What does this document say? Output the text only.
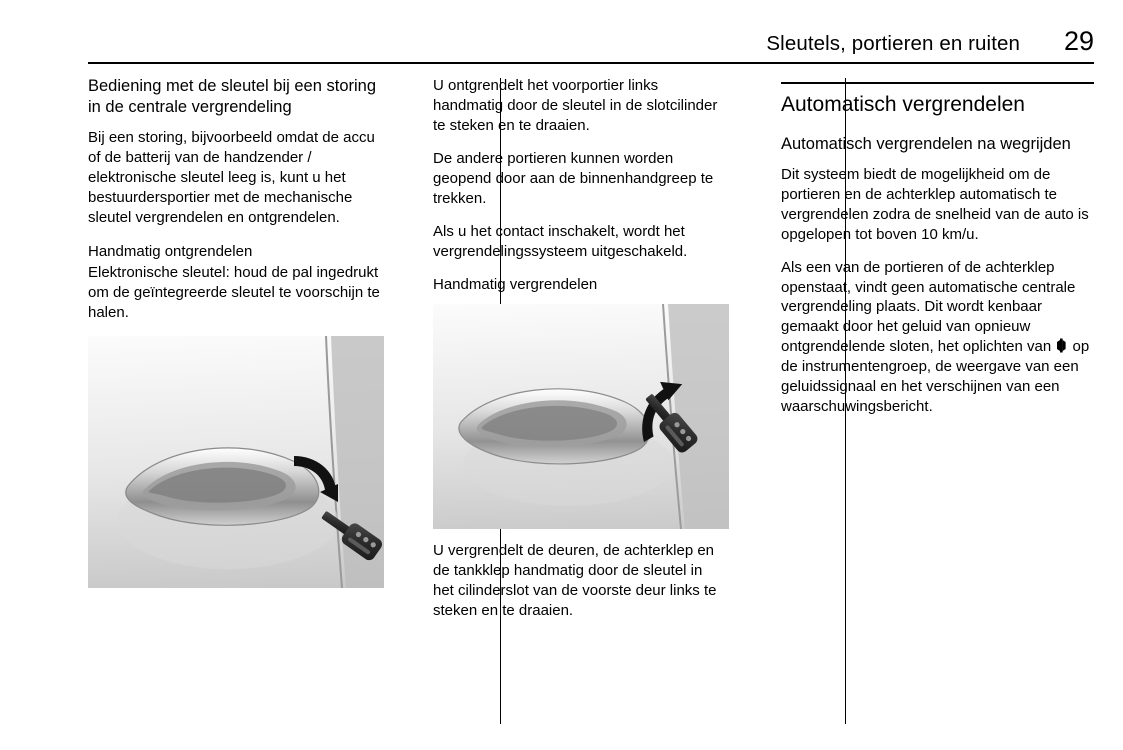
Sleutels, portieren en ruiten	29
Bediening met de sleutel bij een storing in de centrale vergrendeling

Bij een storing, bijvoorbeeld omdat de accu of de batterij van de handzender / elektronische sleutel leeg is, kunt u het bestuurdersportier met de mechanische sleutel vergrendelen en ontgrendelen.

Handmatig ontgrendelen

Elektronische sleutel: houd de pal ingedrukt om de geïntegreerde sleutel te voorschijn te halen.

U ontgrendelt het voorportier links handmatig door de sleutel in de slotcilinder te steken en te draaien.

De andere portieren kunnen worden geopend door aan de binnenhandgreep te trekken.

Als u het contact inschakelt, wordt het vergrendelingssysteem uitgeschakeld.

Handmatig vergrendelen

U vergrendelt de deuren, de achterklep en de tankklep handmatig door de sleutel in het cilinderslot van de voorste deur links te steken en te draaien.

Automatisch vergrendelen
Automatisch vergrendelen na wegrijden

Dit systeem biedt de mogelijkheid om de portieren en de achterklep automatisch te vergrendelen zodra de snelheid van de auto is opgelopen tot boven 10 km/u.

Als een van de portieren of de achterklep openstaat, vindt geen automatische centrale vergrendeling plaats. Dit wordt kenbaar gemaakt door het geluid van opnieuw ontgrendelende sloten, het oplichten van  op de instrumentengroep, de weergave van een geluidssignaal en het verschijnen van een waarschuwingsbericht.
